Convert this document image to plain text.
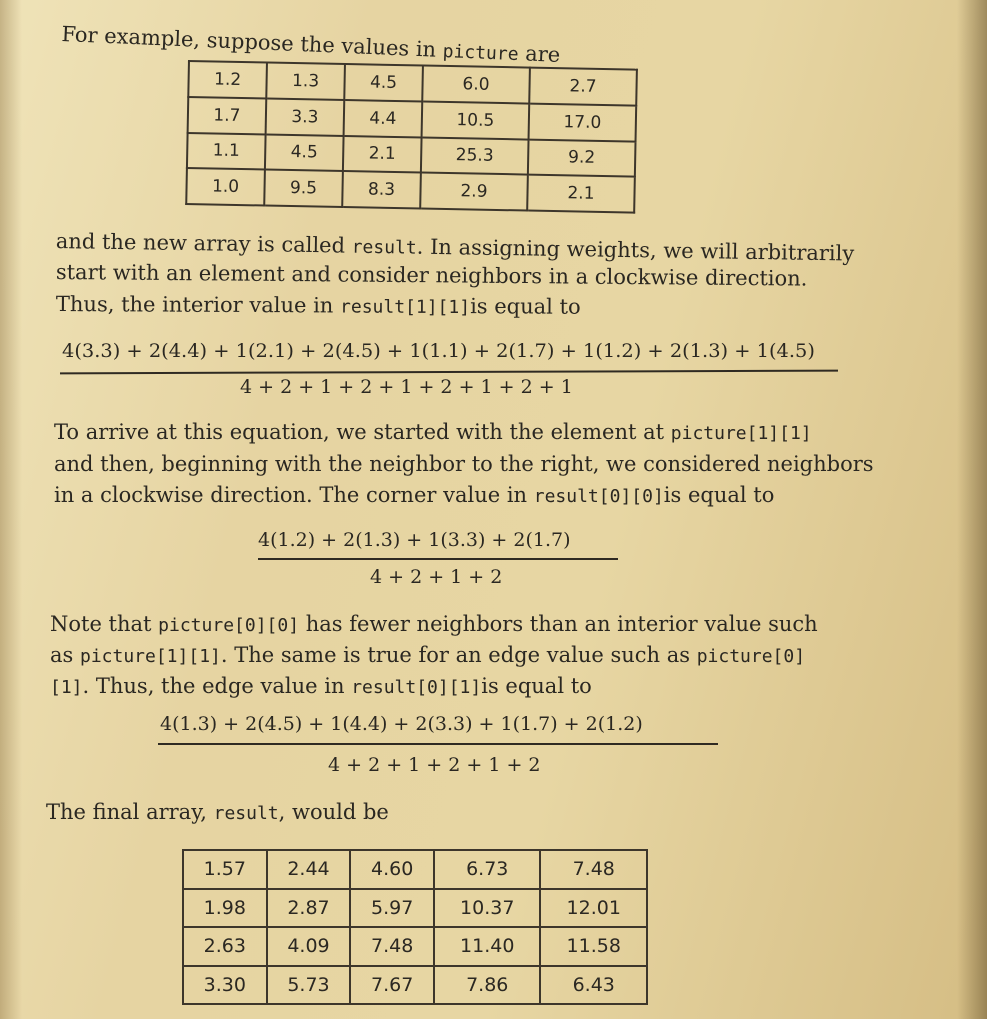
For example, suppose the values in picture are
1.2	1.3	4.5	6.0	2.7
1.7	3.3	4.4	10.5	17.0
1.1	4.5	2.1	25.3	9.2
1.0	9.5	8.3	2.9	2.1
and the new array is called result. In assigning weights, we will arbitrarily
start with an element and consider neighbors in a clockwise direction.
Thus, the interior value in result[1][1]is equal to
4(3.3) + 2(4.4) + 1(2.1) + 2(4.5) + 1(1.1) + 2(1.7) + 1(1.2) + 2(1.3) + 1(4.5)
4 + 2 + 1 + 2 + 1 + 2 + 1 + 2 + 1
To arrive at this equation, we started with the element at picture[1][1]
and then, beginning with the neighbor to the right, we considered neighbors
in a clockwise direction. The corner value in result[0][0]is equal to
4(1.2) + 2(1.3) + 1(3.3) + 2(1.7)
4 + 2 + 1 + 2
Note that picture[0][0] has fewer neighbors than an interior value such
as picture[1][1]. The same is true for an edge value such as picture[0]
[1]. Thus, the edge value in result[0][1]is equal to
4(1.3) + 2(4.5) + 1(4.4) + 2(3.3) + 1(1.7) + 2(1.2)
4 + 2 + 1 + 2 + 1 + 2
The final array, result, would be
1.57	2.44	4.60	6.73	7.48
1.98	2.87	5.97	10.37	12.01
2.63	4.09	7.48	11.40	11.58
3.30	5.73	7.67	7.86	6.43
